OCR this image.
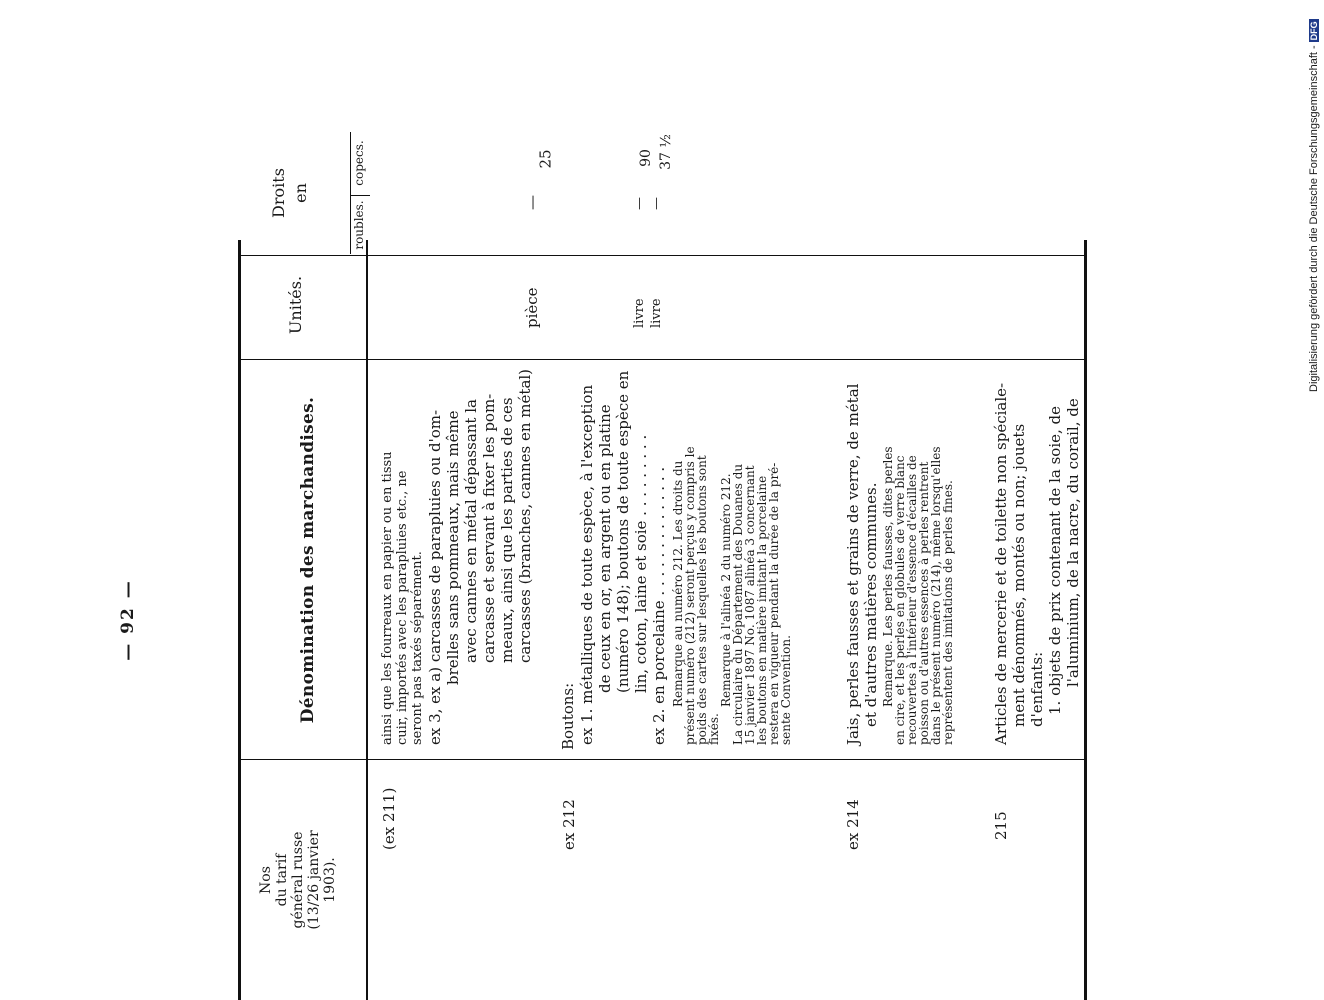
— 92 —
Nos du tarif général russe (13/26 janvier 1903).
Dénomination des marchandises.
Unités.
(ex 211)
ainsi que les fourreaux en papier ou en tissu cuir, importés avec les parapluies etc., ne seront pas taxés séparément. ex 3, ex a) carcasses de parapluies ou d'om- brelles sans pommeaux, mais même avec cannes en métal dépassant la carcasse et servant à fixer les pom- meaux, ainsi que les parties de ces carcasses (branches, cannes en métal)
pièce
—
ex 212
Boutons: ex 1. métalliques de toute espèce, à l'exception de ceux en or, en argent ou en platine (numéro 148); boutons de toute espèce en lin, coton, laine et soie . . . . . . . . . ex 2. en porcelaine . . . . . . . . . . . . . . Remarque au numéro 212. Les droits du
présent numéro (212) seront perçus y compris le
poids des cartes sur lesquelles les boutons sont
fixés.
Remarque à l'alinéa 2 du numéro 212.
La circulaire du Département des Douanes du
15 janvier 1897 No. 1087 alinéa 3 concernant
les boutons en matière imitant la porcelaine
restera en vigueur pendant la durée de la pré-
sente Convention.
livre livre
— —
ex 214
Jais, perles fausses et grains de verre, de métal et d'autres matières communes. Remarque. Les perles fausses, dites perles
en cire, et les perles en globules de verre blanc
recouvertes à l'intérieur d'essence d'écailles de
poisson ou d'autres essences à perles rentrent
dans le présent numéro (214), même lorsqu'elles
représentent des imitations de perles fines.
215
Articles de mercerie et de toilette non spéciale- ment dénommés, montés ou non; jouets d'enfants: 1. objets de prix contenant de la soie, de l'aluminium, de la nacre, du corail, de
Digitalisierung gefördert durch die Deutsche Forschungsgemeinschaft -DFG
Droits en
roubles.
copecs.	25	90 37 ½
